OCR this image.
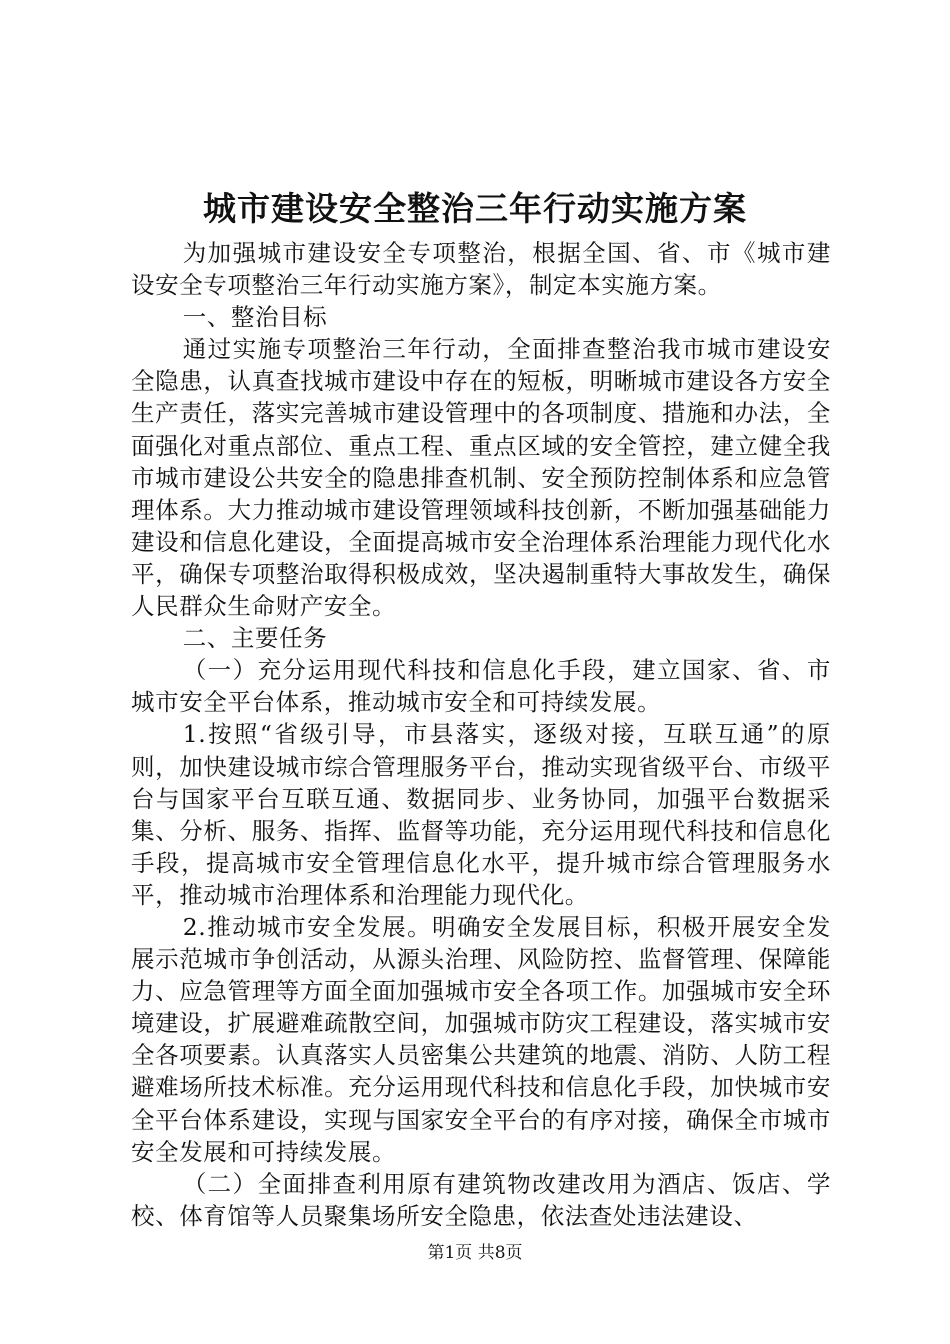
城市建设安全整治三年行动实施方案

为加强城市建设安全专项整治，根据全国、省、市《城市建设安全专项整治三年行动实施方案》，制定本实施方案。

一、整治目标

通过实施专项整治三年行动，全面排查整治我市城市建设安全隐患，认真查找城市建设中存在的短板，明晰城市建设各方安全生产责任，落实完善城市建设管理中的各项制度、措施和办法，全面强化对重点部位、重点工程、重点区域的安全管控，建立健全我市城市建设公共安全的隐患排查机制、安全预防控制体系和应急管理体系。大力推动城市建设管理领域科技创新，不断加强基础能力建设和信息化建设，全面提高城市安全治理体系治理能力现代化水平，确保专项整治取得积极成效，坚决遏制重特大事故发生，确保人民群众生命财产安全。

二、主要任务

（一）充分运用现代科技和信息化手段，建立国家、省、市城市安全平台体系，推动城市安全和可持续发展。

1.按照“省级引导，市县落实，逐级对接，互联互通”的原则，加快建设城市综合管理服务平台，推动实现省级平台、市级平台与国家平台互联互通、数据同步、业务协同，加强平台数据采集、分析、服务、指挥、监督等功能，充分运用现代科技和信息化手段，提高城市安全管理信息化水平，提升城市综合管理服务水平，推动城市治理体系和治理能力现代化。

2.推动城市安全发展。明确安全发展目标，积极开展安全发展示范城市争创活动，从源头治理、风险防控、监督管理、保障能力、应急管理等方面全面加强城市安全各项工作。加强城市安全环境建设，扩展避难疏散空间，加强城市防灾工程建设，落实城市安全各项要素。认真落实人员密集公共建筑的地震、消防、人防工程避难场所技术标准。充分运用现代科技和信息化手段，加快城市安全平台体系建设，实现与国家安全平台的有序对接，确保全市城市安全发展和可持续发展。

（二）全面排查利用原有建筑物改建改用为酒店、饭店、学校、体育馆等人员聚集场所安全隐患，依法查处违法建设、

第1页 共8页
